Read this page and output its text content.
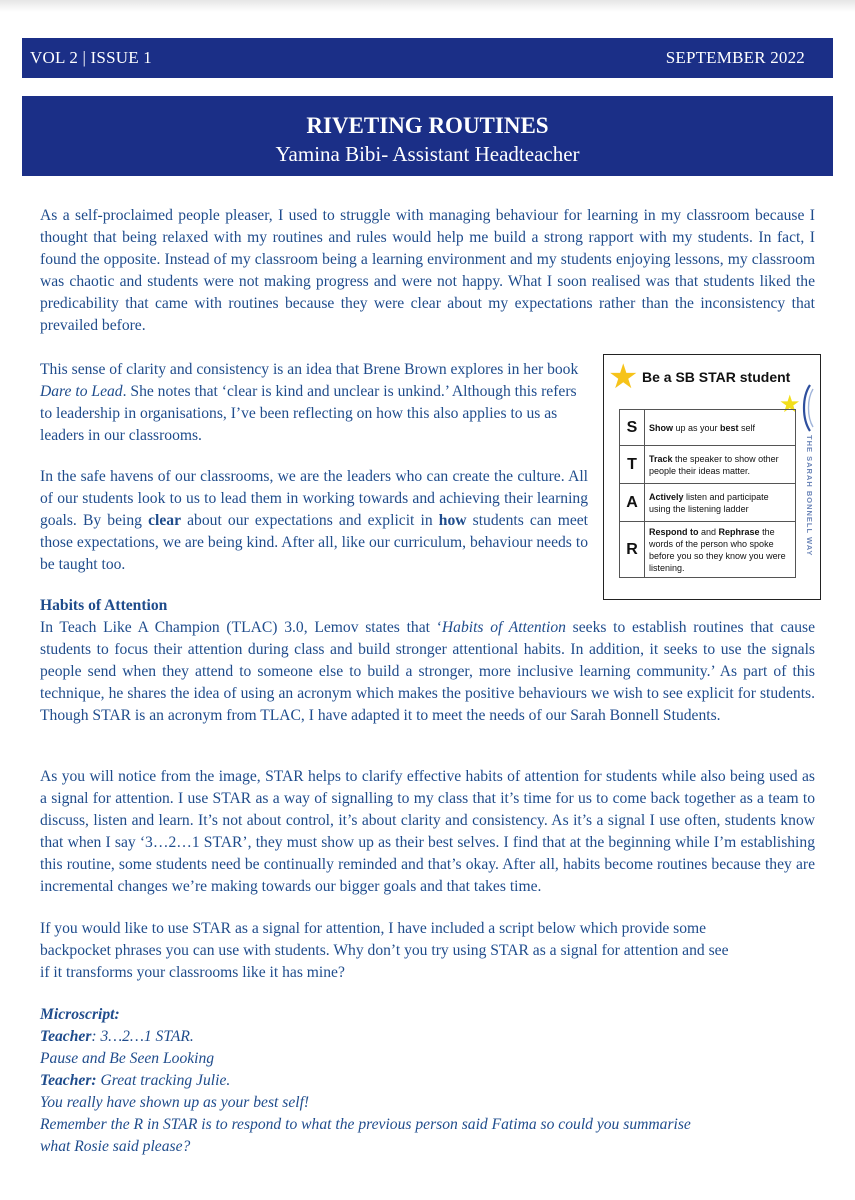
VOL 2 | ISSUE 1	SEPTEMBER 2022
RIVETING ROUTINES
Yamina Bibi- Assistant Headteacher

As a self-proclaimed people pleaser, I used to struggle with managing behaviour for learning in my classroom because I thought that being relaxed with my routines and rules would help me build a strong rapport with my students. In fact, I found the opposite. Instead of my classroom being a learning environment and my students enjoying lessons, my classroom was chaotic and students were not making progress and were not happy. What I soon realised was that students liked the predicability that came with routines because they were clear about my expectations rather than the inconsistency that prevailed before.

This sense of clarity and consistency is an idea that Brene Brown explores in her book Dare to Lead. She notes that ‘clear is kind and unclear is unkind.’ Although this refers to leadership in organisations, I’ve been reflecting on how this also applies to us as leaders in our classrooms.

In the safe havens of our classrooms, we are the leaders who can create the culture. All of our students look to us to lead them in working towards and achieving their learning goals. By being clear about our expectations and explicit in how students can meet those expectations, we are being kind. After all, like our curriculum, behaviour needs to be taught too.

Habits of Attention

In Teach Like A Champion (TLAC) 3.0, Lemov states that ‘Habits of Attention seeks to establish routines that cause students to focus their attention during class and build stronger attentional habits. In addition, it seeks to use the signals people send when they attend to someone else to build a stronger, more inclusive learning community.’ As part of this technique, he shares the idea of using an acronym which makes the positive behaviours we wish to see explicit for students. Though STAR is an acronym from TLAC, I have adapted it to meet the needs of our Sarah Bonnell Students.

As you will notice from the image, STAR helps to clarify effective habits of attention for students while also being used as a signal for attention. I use STAR as a way of signalling to my class that it’s time for us to come back together as a team to discuss, listen and learn. It’s not about control, it’s about clarity and consistency. As it’s a signal I use often, students know that when I say ‘3…2…1 STAR’, they must show up as their best selves. I find that at the beginning while I’m establishing this routine, some students need be continually reminded and that’s okay. After all, habits become routines because they are incremental changes we’re making towards our bigger goals and that takes time.

If you would like to use STAR as a signal for attention, I have included a script below which provide some backpocket phrases you can use with students. Why don’t you try using STAR as a signal for attention and see if it transforms your classrooms like it has mine?

Microscript:

Teacher: 3…2…1 STAR.

Pause and Be Seen Looking

Teacher: Great tracking Julie.

You really have shown up as your best self!

Remember the R in STAR is to respond to what the previous person said Fatima so could you summarise

what Rosie said please?

★ Be a SB STAR student
★
THE SARAH BONNELL WAY
S	Show up as your best self
T	Track the speaker to show other people their ideas matter.
A	Actively listen and participate using the listening ladder
R	Respond to and Rephrase the words of the person who spoke before you so they know you were listening.
